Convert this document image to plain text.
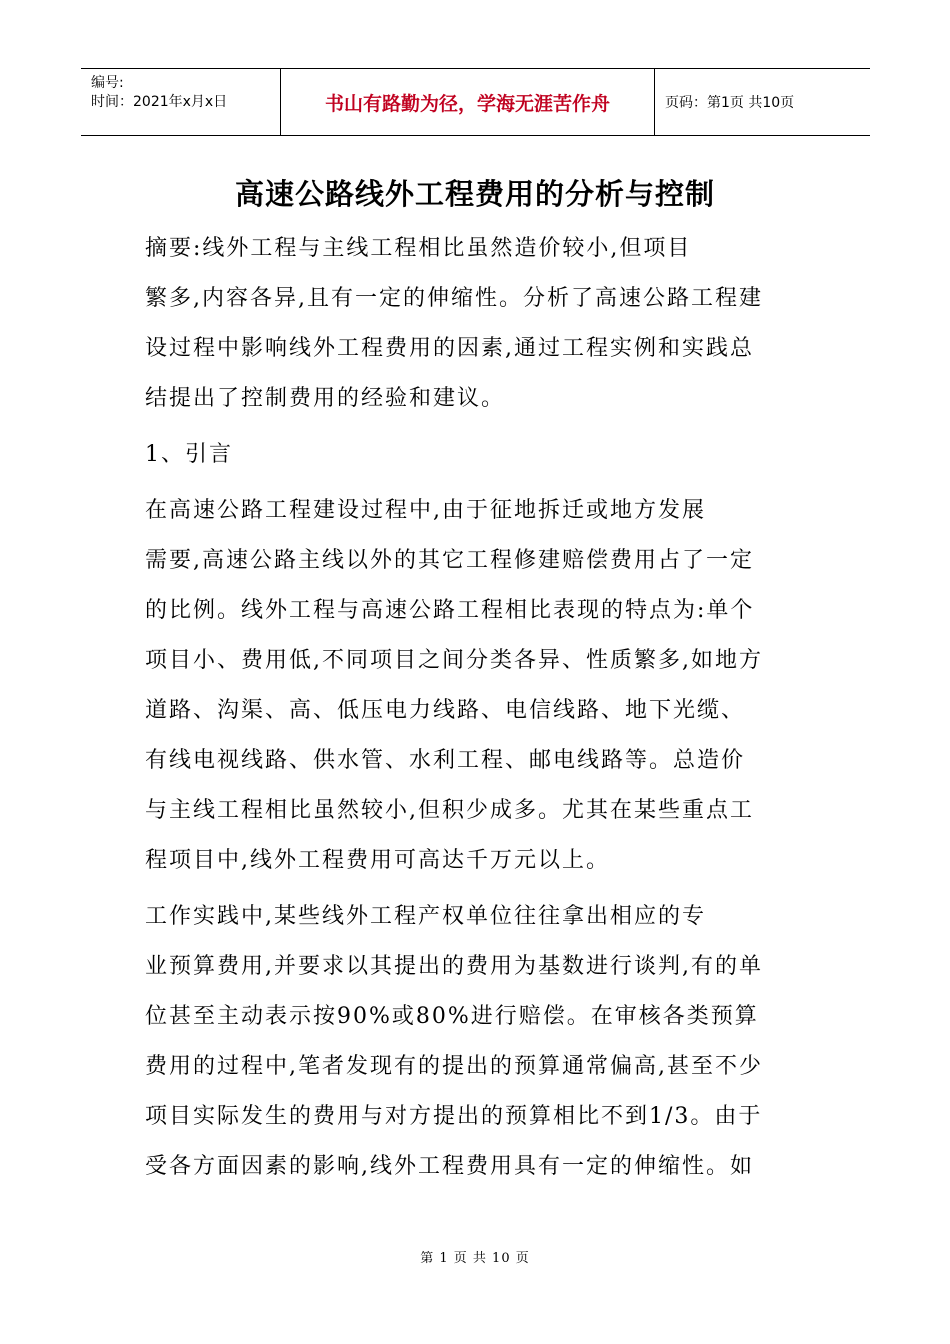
编号:
时间：2021年x月x日	书山有路勤为径，学海无涯苦作舟	页码：第1页 共10页
高速公路线外工程费用的分析与控制
摘要:线外工程与主线工程相比虽然造价较小,但项目
繁多,内容各异,且有一定的伸缩性。分析了高速公路工程建
设过程中影响线外工程费用的因素,通过工程实例和实践总
结提出了控制费用的经验和建议。
1、引言
在高速公路工程建设过程中,由于征地拆迁或地方发展
需要,高速公路主线以外的其它工程修建赔偿费用占了一定
的比例。线外工程与高速公路工程相比表现的特点为:单个
项目小、费用低,不同项目之间分类各异、性质繁多,如地方
道路、沟渠、高、低压电力线路、电信线路、地下光缆、
有线电视线路、供水管、水利工程、邮电线路等。总造价
与主线工程相比虽然较小,但积少成多。尤其在某些重点工
程项目中,线外工程费用可高达千万元以上。
工作实践中,某些线外工程产权单位往往拿出相应的专
业预算费用,并要求以其提出的费用为基数进行谈判,有的单
位甚至主动表示按90%或80%进行赔偿。在审核各类预算
费用的过程中,笔者发现有的提出的预算通常偏高,甚至不少
项目实际发生的费用与对方提出的预算相比不到1/3。由于
受各方面因素的影响,线外工程费用具有一定的伸缩性。如
第 1 页 共 10 页
